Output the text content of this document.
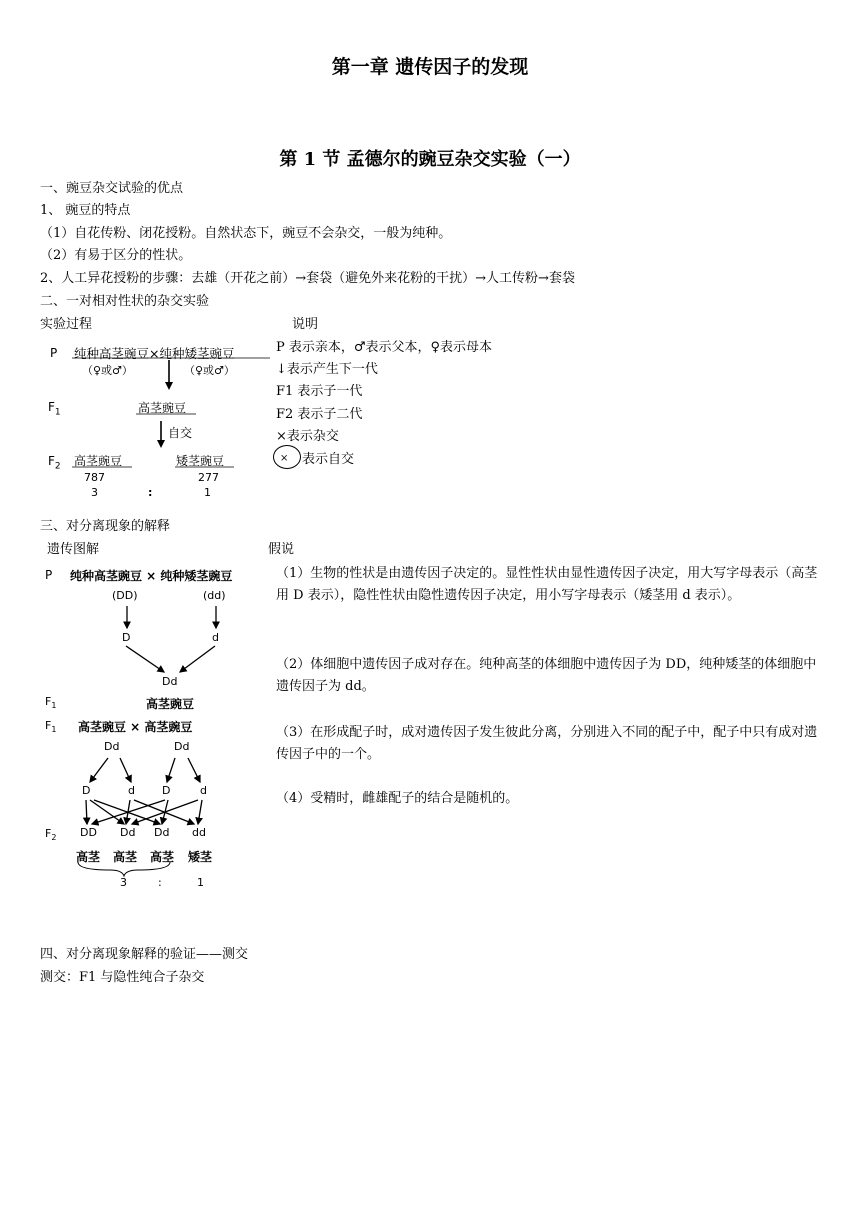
第一章 遗传因子的发现
第 1 节 孟德尔的豌豆杂交实验（一）
一、豌豆杂交试验的优点
1、 豌豆的特点
（1）自花传粉、闭花授粉。自然状态下，豌豆不会杂交，一般为纯种。
（2）有易于区分的性状。
2、人工异花授粉的步骤：去雄（开花之前）→套袋（避免外来花粉的干扰）→人工传粉→套袋
二、一对相对性状的杂交实验
实验过程	说明
P 表示亲本，♂表示父本，♀表示母本
↓表示产生下一代
F1 表示子一代
F2 表示子二代
×表示杂交
× 表示自交
P 纯种高茎豌豆×纯种矮茎豌豆
（♀或♂）	（♀或♂）
$F_1$	高茎豌豆
自交
$F_2$ 高茎豌豆	矮茎豌豆
787	277
3	:	1
三、对分离现象的解释
遗传图解	假说
（1）生物的性状是由遗传因子决定的。显性性状由显性遗传因子决定，用大写字母表示（高茎用 D 表示），隐性性状由隐性遗传因子决定，用小写字母表示（矮茎用 d 表示）。
（2）体细胞中遗传因子成对存在。纯种高茎的体细胞中遗传因子为 DD，纯种矮茎的体细胞中遗传因子为 dd。
（3）在形成配子时，成对遗传因子发生彼此分离，分别进入不同的配子中，配子中只有成对遗传因子中的一个。
（4）受精时，雌雄配子的结合是随机的。
P 纯种高茎豌豆 × 纯种矮茎豌豆
(DD)	(dd)
D	d
Dd
$F_1$	高茎豌豆
$F_1$ 高茎豌豆 × 高茎豌豆
Dd	Dd
D	d D	d
$F_2$ DD Dd Dd dd
高茎 高茎 高茎 矮茎
3	:	1
四、对分离现象解释的验证——测交
测交：F1 与隐性纯合子杂交
